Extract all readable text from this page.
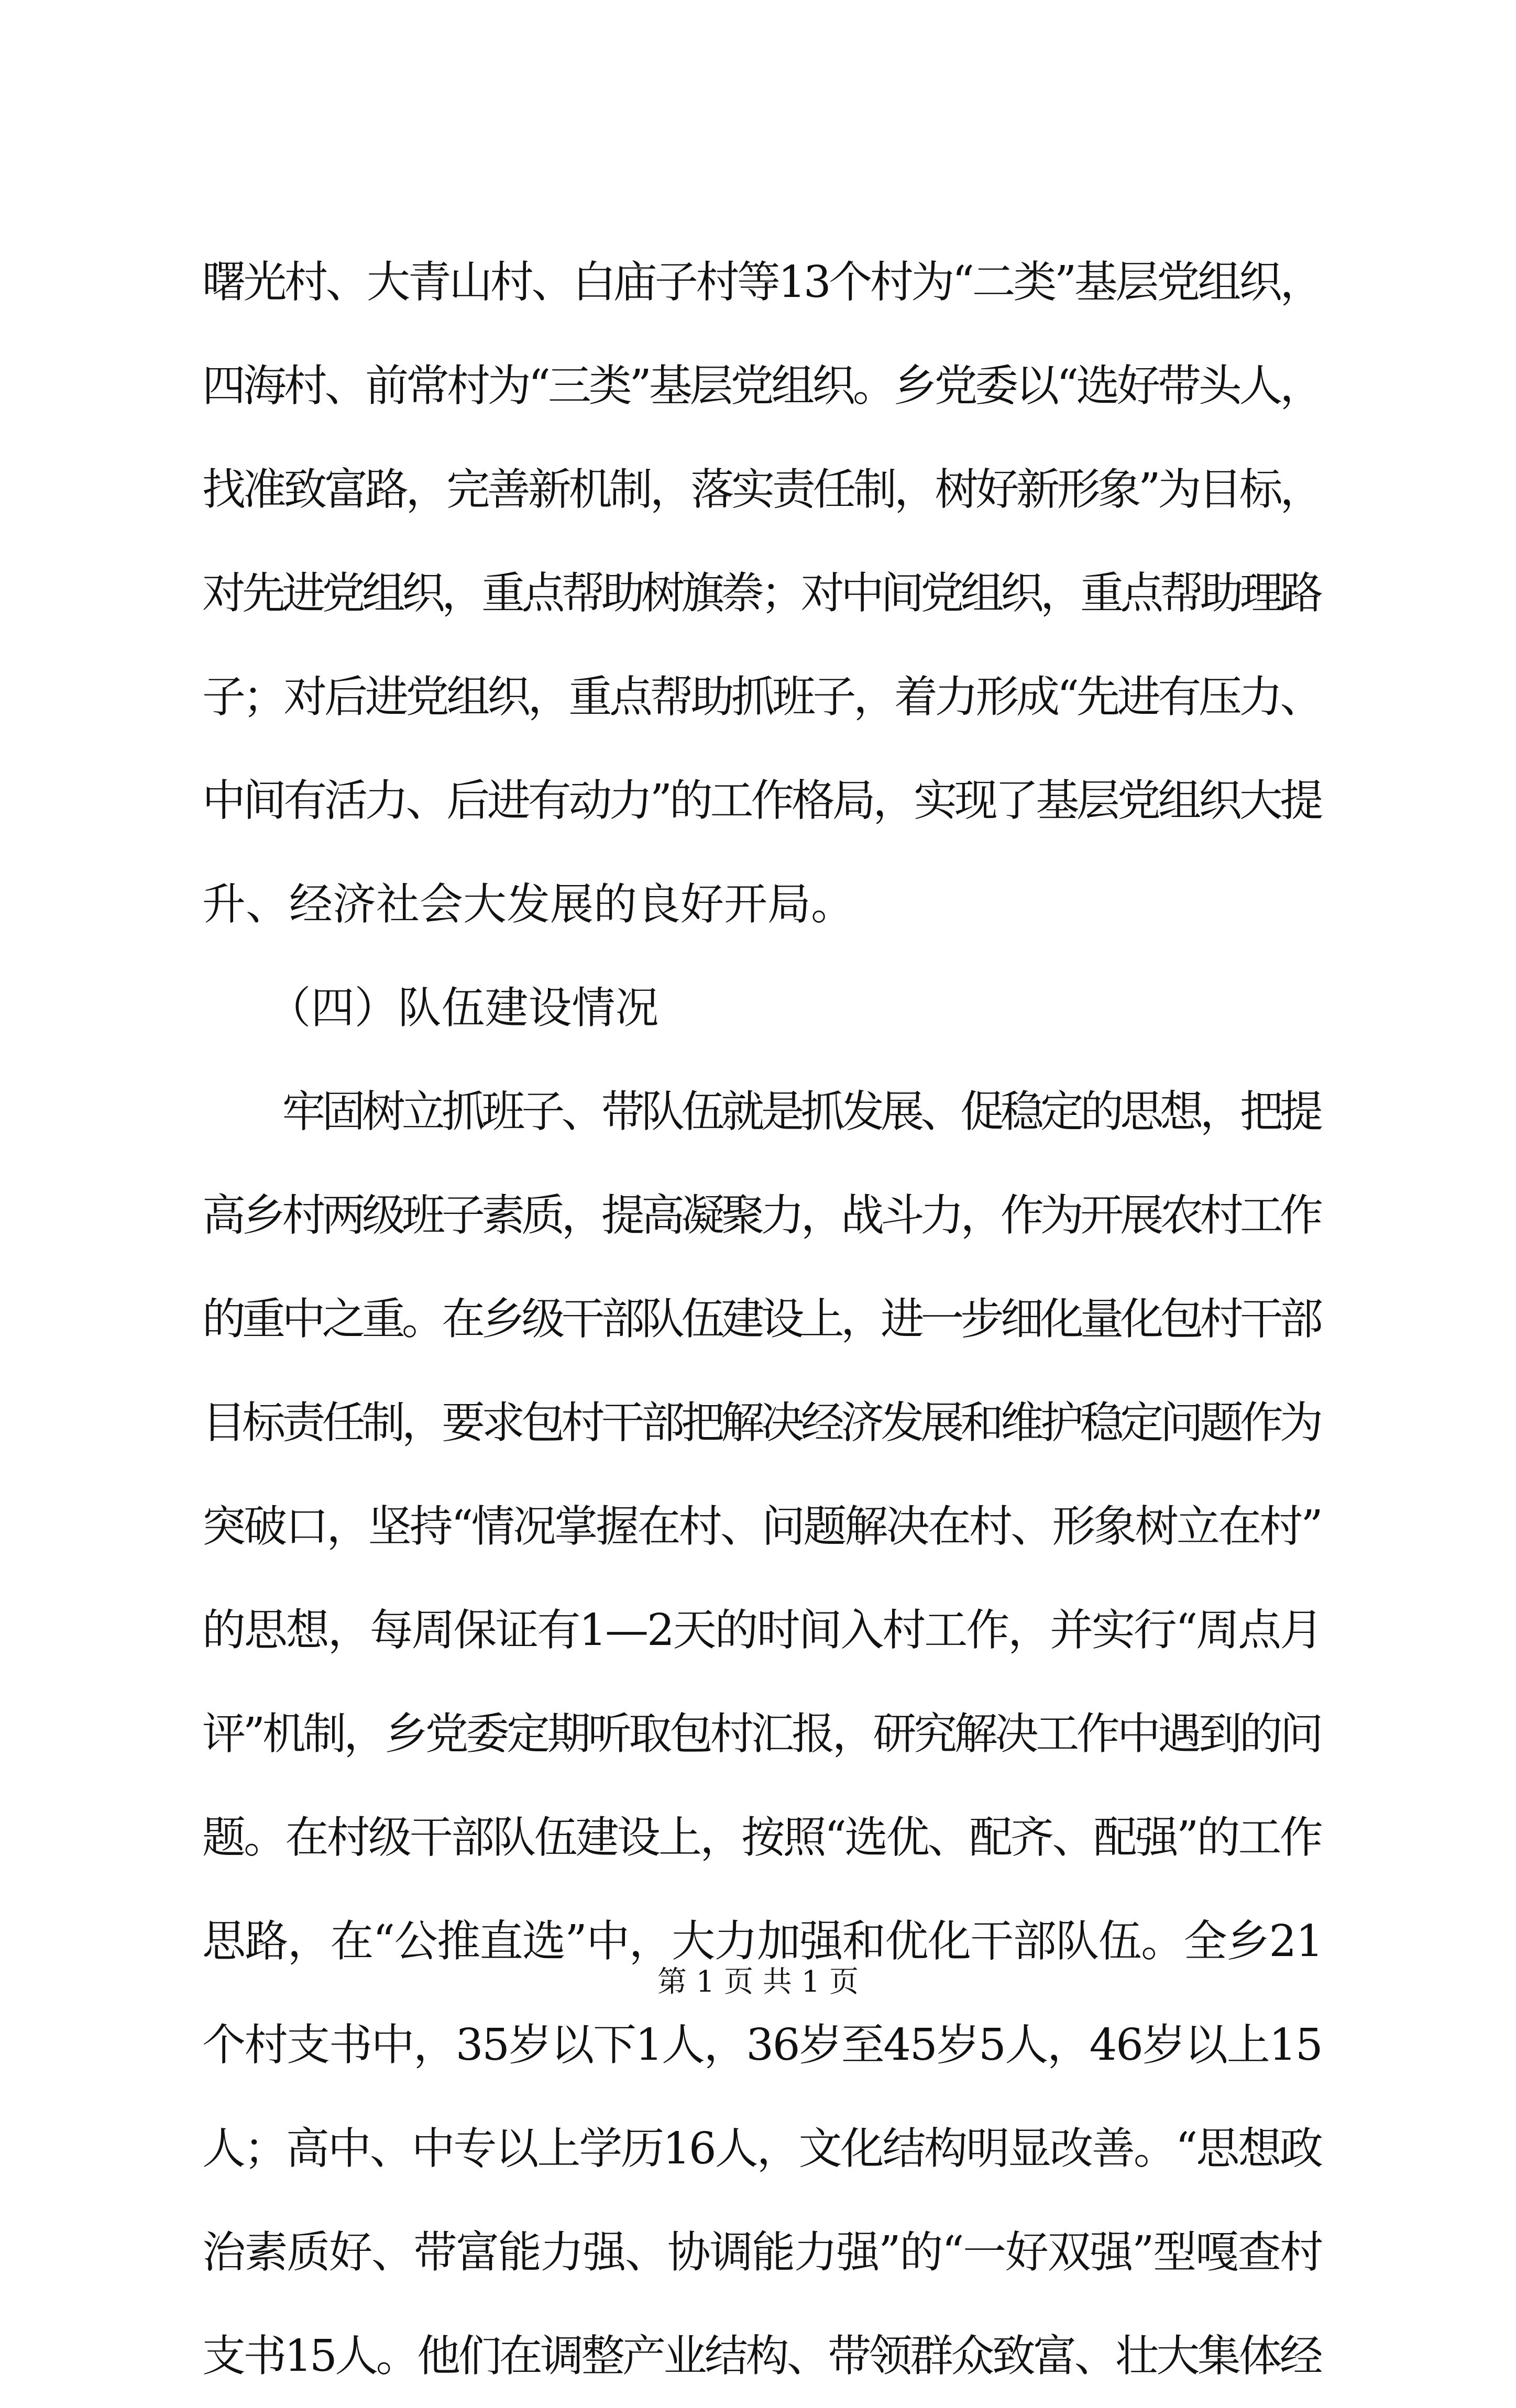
曙光村、大青山村、白庙子村等13个村为“二类”基层党组织，
四海村、前常村为“三类”基层党组织。乡党委以“选好带头人，
找准致富路，完善新机制，落实责任制，树好新形象”为目标，
对先进党组织，重点帮助树旗䄅；对中间党组织，重点帮助理路
子；对后进党组织，重点帮助抓班子，着力形成“先进有压力、
中间有活力、后进有动力”的工作格局，实现了基层党组织大提
升、经济社会大发展的良好开局。
　　（四）队伍建设情况
　　牢固树立抓班子、带队伍就是抓发展、促稳定的思想，把提
高乡村两级班子素质，提高凝聚力，战斗力，作为开展农村工作
的重中之重。在乡级干部队伍建设上，进一步细化量化包村干部
目标责任制，要求包村干部把解决经济发展和维护稳定问题作为
突破口，坚持“情况掌握在村、问题解决在村、形象树立在村”
的思想，每周保证有1—2天的时间入村工作，并实行“周点月
评”机制，乡党委定期听取包村汇报，研究解决工作中遇到的问
题。在村级干部队伍建设上，按照“选优、配齐、配强”的工作
思路，在“公推直选”中，大力加强和优化干部队伍。全乡21
个村支书中，35岁以下1人，36岁至45岁5人，46岁以上15
人；高中、中专以上学历16人，文化结构明显改善。“思想政
治素质好、带富能力强、协调能力强”的“一好双强”型嘎查村
支书15人。他们在调整产业结构、带领群众致富、壮大集体经
第 1 页 共 1 页
